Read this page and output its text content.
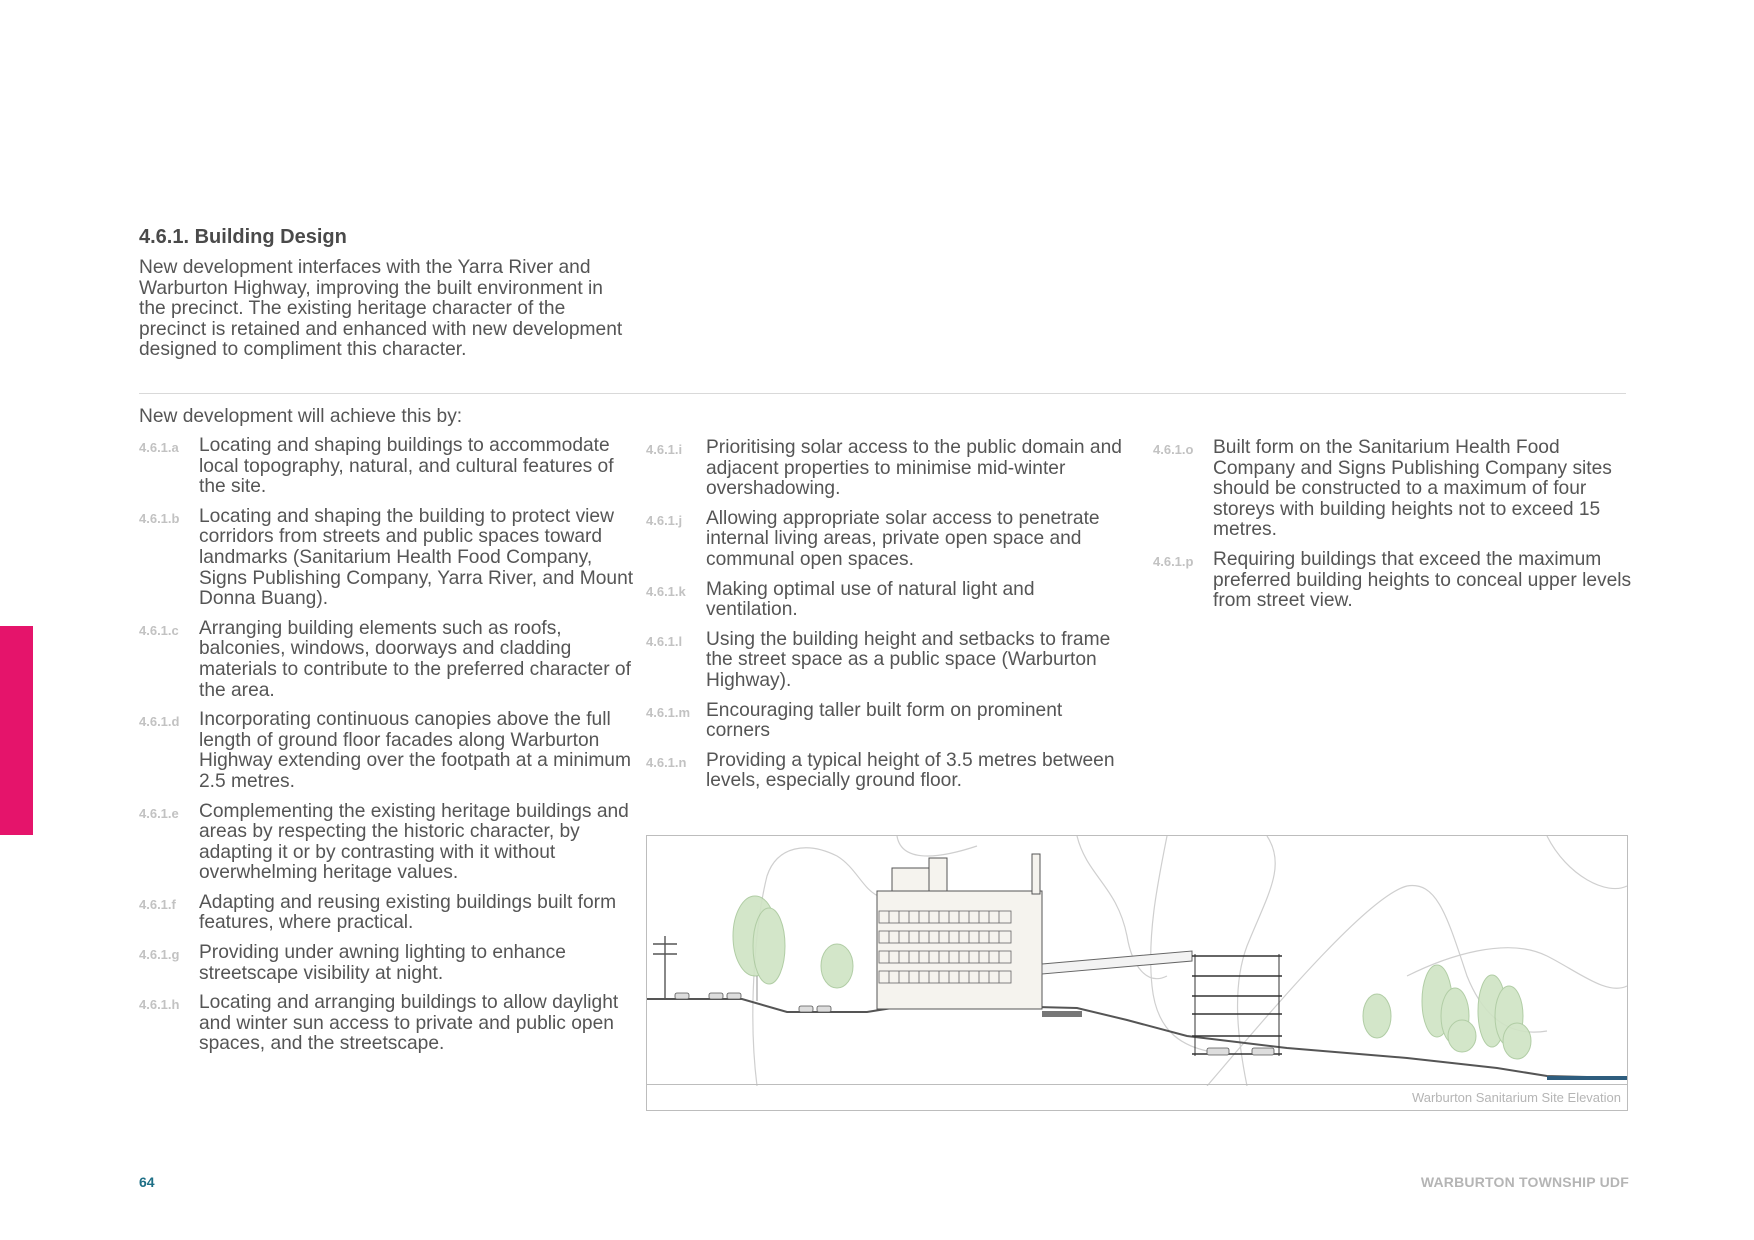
4.6.1. Building Design

New development interfaces with the Yarra River and Warburton Highway, improving the built environment in the precinct. The existing heritage character of the precinct is retained and enhanced with new development designed to compliment this character.

New development will achieve this by:

4.6.1.a	Locating and shaping buildings to accommodate local topography, natural, and cultural features of the site.
4.6.1.b	Locating and shaping the building to protect view corridors from streets and public spaces toward landmarks (Sanitarium Health Food Company, Signs Publishing Company, Yarra River, and Mount Donna Buang).
4.6.1.c	Arranging building elements such as roofs, balconies, windows, doorways and cladding materials to contribute to the preferred character of the area.
4.6.1.d	Incorporating continuous canopies above the full length of ground floor facades along Warburton Highway extending over the footpath at a minimum 2.5 metres.
4.6.1.e	Complementing the existing heritage buildings and areas by respecting the historic character, by adapting it or by contrasting with it without overwhelming heritage values.
4.6.1.f	Adapting and reusing existing buildings built form features, where practical.
4.6.1.g	Providing under awning lighting to enhance streetscape visibility at night.
4.6.1.h	Locating and arranging buildings to allow daylight and winter sun access to private and public open spaces, and the streetscape.
4.6.1.i	Prioritising solar access to the public domain and adjacent properties to minimise mid-winter overshadowing.
4.6.1.j	Allowing appropriate solar access to penetrate internal living areas, private open space and communal open spaces.
4.6.1.k	Making optimal use of natural light and ventilation.
4.6.1.l	Using the building height and setbacks to frame the street space as a public space (Warburton Highway).
4.6.1.m Encouraging taller built form on prominent corners
4.6.1.n	Providing a typical height of 3.5 metres between levels, especially ground floor.
4.6.1.o	Built form on the Sanitarium Health Food Company and Signs Publishing Company sites should be constructed to a maximum of four storeys with building heights not to exceed 15 metres.
4.6.1.p	Requiring buildings that exceed the maximum preferred building heights to conceal upper levels from street view.
Warburton Sanitarium Site Elevation
64	WARBURTON TOWNSHIP UDF
